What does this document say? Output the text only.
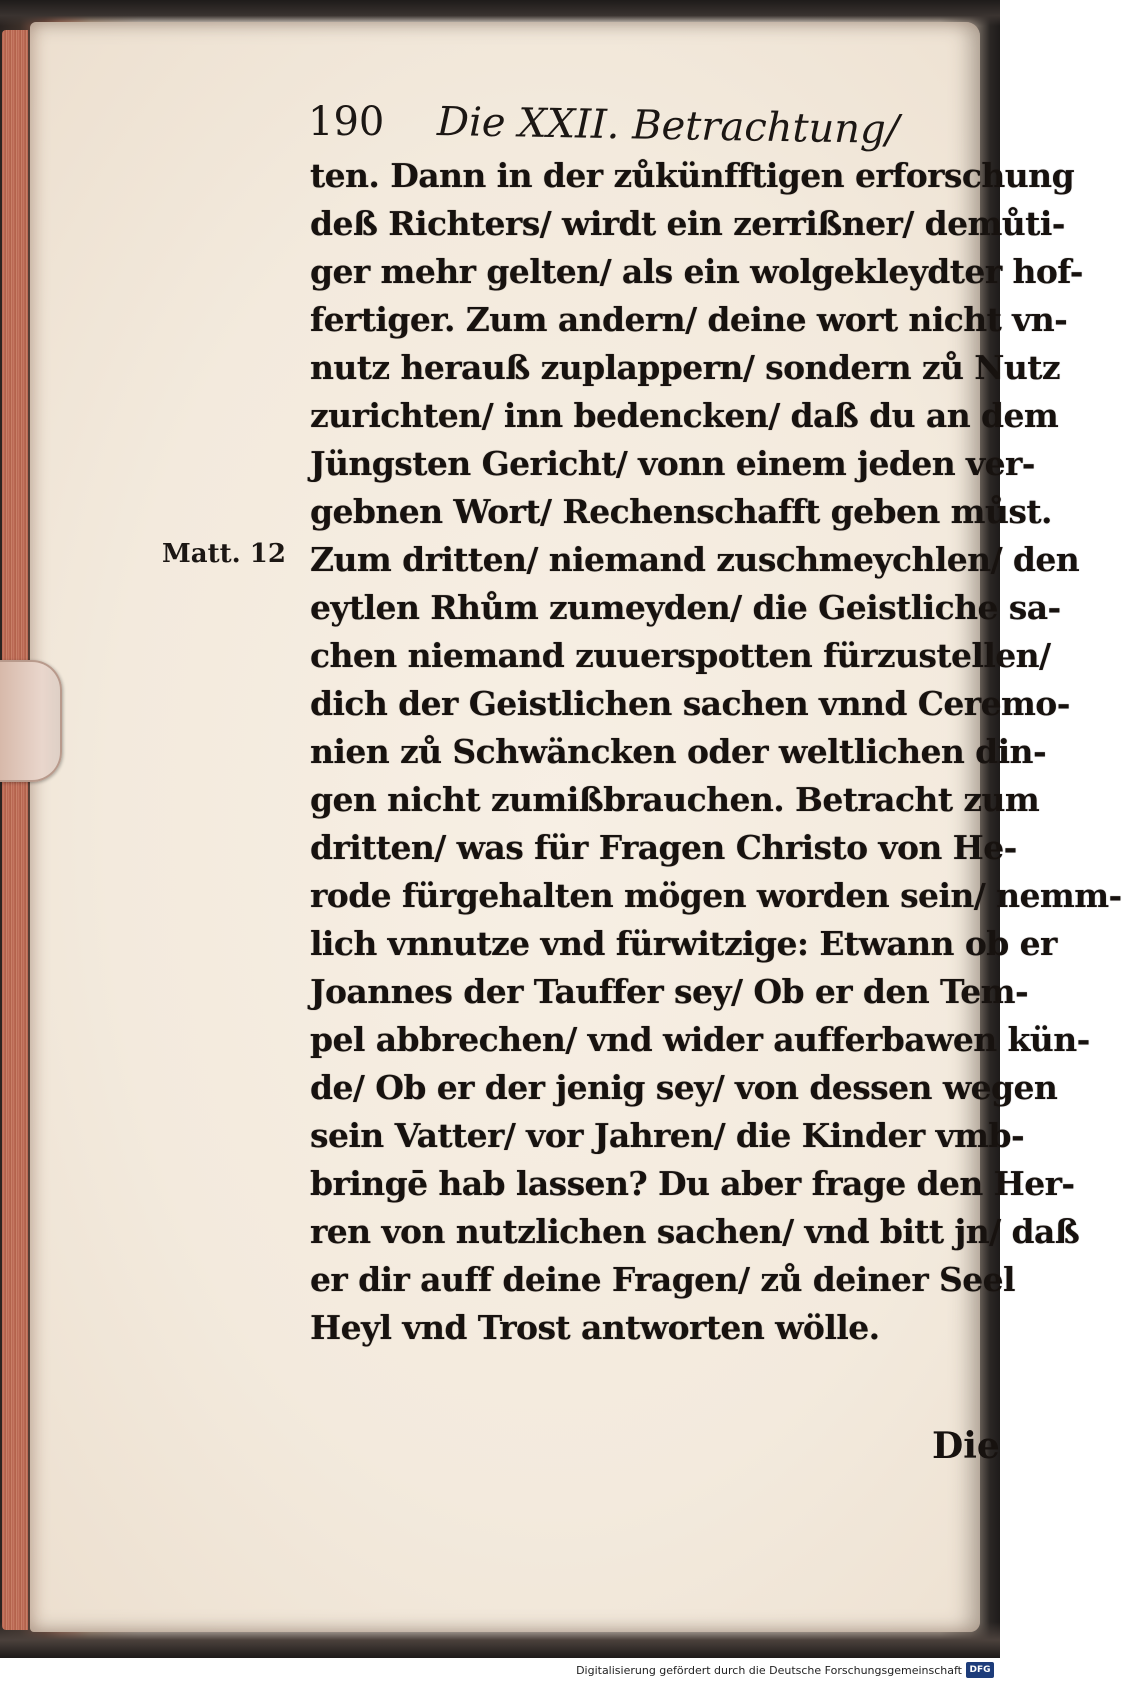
190 Die XXII. Betrachtung/
Matt. 12
ten. Dann in der zůkünfftigen erforschung
deß Richters/ wirdt ein zerrißner/ demůti-
ger mehr gelten/ als ein wolgekleydter hof-
fertiger. Zum andern/ deine wort nicht vn-
nutz herauß zuplappern/ sondern zů Nutz
zurichten/ inn bedencken/ daß du an dem
Jüngsten Gericht/ vonn einem jeden ver-
gebnen Wort/ Rechenschafft geben můst.
Zum dritten/ niemand zuschmeychlen/ den
eytlen Rhům zumeyden/ die Geistliche sa-
chen niemand zuuerspotten fürzustellen/
dich der Geistlichen sachen vnnd Ceremo-
nien zů Schwäncken oder weltlichen din-
gen nicht zumißbrauchen. Betracht zum
dritten/ was für Fragen Christo von He-
rode fürgehalten mögen worden sein/ nemm-
lich vnnutze vnd fürwitzige: Etwann ob er
Joannes der Tauffer sey/ Ob er den Tem-
pel abbrechen/ vnd wider aufferbawen kün-
de/ Ob er der jenig sey/ von dessen wegen
sein Vatter/ vor Jahren/ die Kinder vmb-
bringē hab lassen? Du aber frage den Her-
ren von nutzlichen sachen/ vnd bitt jn/ daß
er dir auff deine Fragen/ zů deiner Seel
Heyl vnd Trost antworten wölle.
Die
Digitalisierung gefördert durch die Deutsche Forschungsgemeinschaft DFG
